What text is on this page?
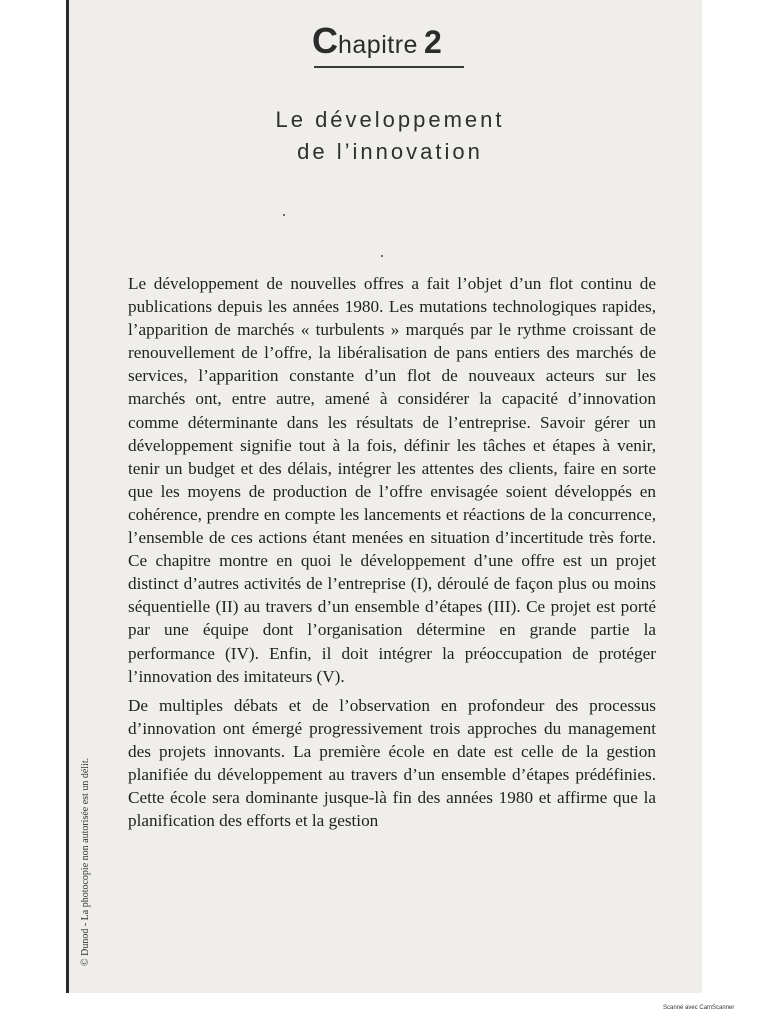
Chapitre 2
Le développement
de l’innovation

Le développement de nouvelles offres a fait l’objet d’un flot continu de publications depuis les années 1980. Les mutations technologiques rapides, l’apparition de marchés « turbulents » marqués par le rythme croissant de renouvellement de l’offre, la libéralisation de pans entiers des marchés de services, l’apparition constante d’un flot de nouveaux acteurs sur les marchés ont, entre autre, amené à considérer la capacité d’innovation comme déterminante dans les résultats de l’entreprise. Savoir gérer un développement signifie tout à la fois, définir les tâches et étapes à venir, tenir un budget et des délais, intégrer les attentes des clients, faire en sorte que les moyens de production de l’offre envisagée soient développés en cohérence, prendre en compte les lancements et réactions de la concurrence, l’ensemble de ces actions étant menées en situation d’incertitude très forte. Ce chapitre montre en quoi le développement d’une offre est un projet distinct d’autres activités de l’entreprise (I), déroulé de façon plus ou moins séquentielle (II) au travers d’un ensemble d’étapes (III). Ce projet est porté par une équipe dont l’organisation détermine en grande partie la performance (IV). Enfin, il doit intégrer la préoccupation de protéger l’innovation des imitateurs (V).

De multiples débats et de l’observation en profondeur des processus d’innovation ont émergé progressivement trois approches du management des projets innovants. La première école en date est celle de la gestion planifiée du développement au travers d’un ensemble d’étapes prédéfinies. Cette école sera dominante jusque-là fin des années 1980 et affirme que la planification des efforts et la gestion

© Dunod - La photocopie non autorisée est un délit.
Scanné avec CamScanner
